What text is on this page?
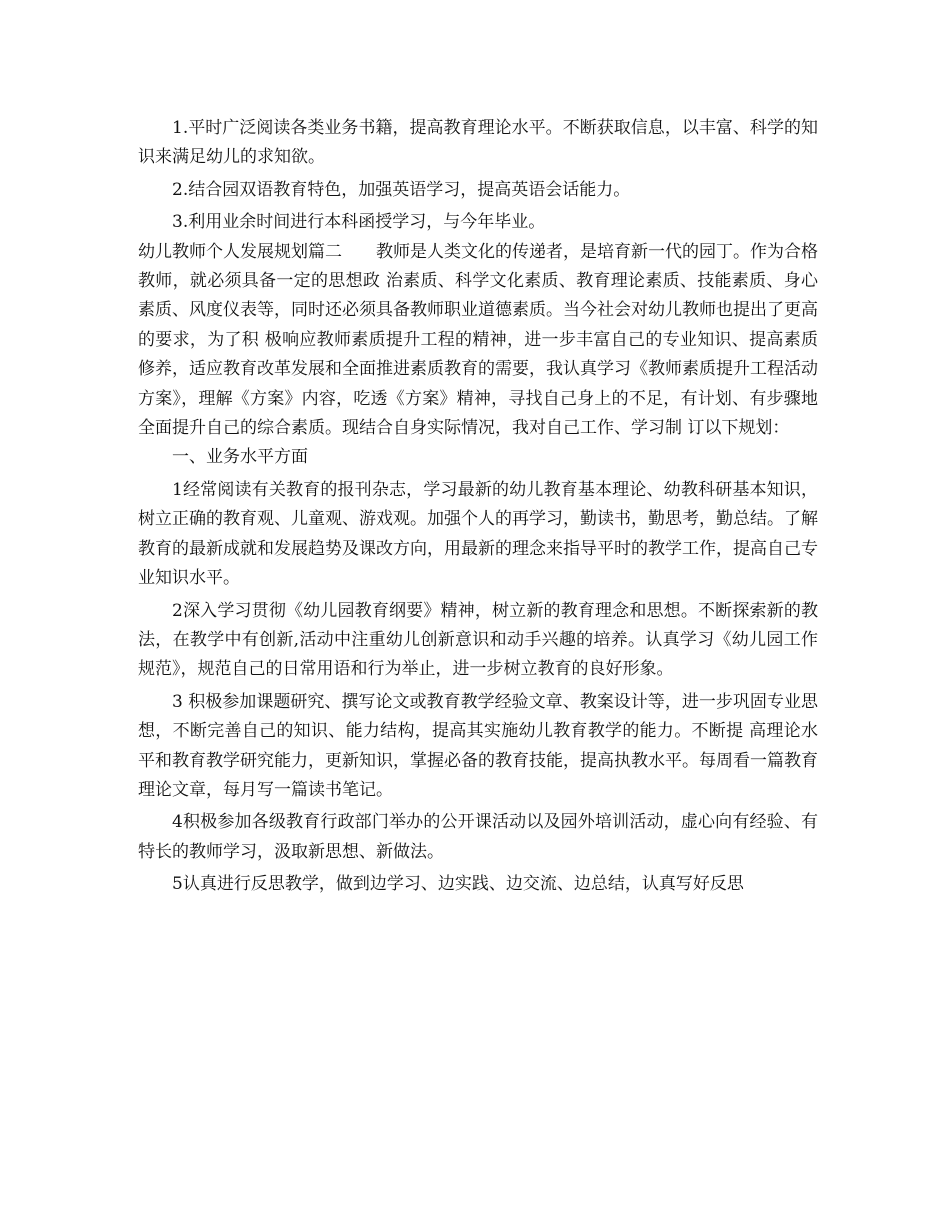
1.平时广泛阅读各类业务书籍，提高教育理论水平。不断获取信息，以丰富、科学的知识来满足幼儿的求知欲。

2.结合园双语教育特色，加强英语学习，提高英语会话能力。

3.利用业余时间进行本科函授学习，与今年毕业。

幼儿教师个人发展规划篇二　　教师是人类文化的传递者，是培育新一代的园丁。作为合格教师，就必须具备一定的思想政 治素质、科学文化素质、教育理论素质、技能素质、身心素质、风度仪表等，同时还必须具备教师职业道德素质。当今社会对幼儿教师也提出了更高的要求，为了积 极响应教师素质提升工程的精神，进一步丰富自己的专业知识、提高素质修养，适应教育改革发展和全面推进素质教育的需要，我认真学习《教师素质提升工程活动 方案》，理解《方案》内容，吃透《方案》精神，寻找自己身上的不足，有计划、有步骤地全面提升自己的综合素质。现结合自身实际情况，我对自己工作、学习制 订以下规划：

一、业务水平方面

1经常阅读有关教育的报刊杂志，学习最新的幼儿教育基本理论、幼教科研基本知识，树立正确的教育观、儿童观、游戏观。加强个人的再学习，勤读书，勤思考，勤总结。了解教育的最新成就和发展趋势及课改方向，用最新的理念来指导平时的教学工作，提高自己专业知识水平。

2深入学习贯彻《幼儿园教育纲要》精神，树立新的教育理念和思想。不断探索新的教法，在教学中有创新,活动中注重幼儿创新意识和动手兴趣的培养。认真学习《幼儿园工作规范》，规范自己的日常用语和行为举止，进一步树立教育的良好形象。

3 积极参加课题研究、撰写论文或教育教学经验文章、教案设计等，进一步巩固专业思想，不断完善自己的知识、能力结构，提高其实施幼儿教育教学的能力。不断提 高理论水平和教育教学研究能力，更新知识，掌握必备的教育技能，提高执教水平。每周看一篇教育理论文章，每月写一篇读书笔记。

4积极参加各级教育行政部门举办的公开课活动以及园外培训活动，虚心向有经验、有特长的教师学习，汲取新思想、新做法。

5认真进行反思教学，做到边学习、边实践、边交流、边总结，认真写好反思
